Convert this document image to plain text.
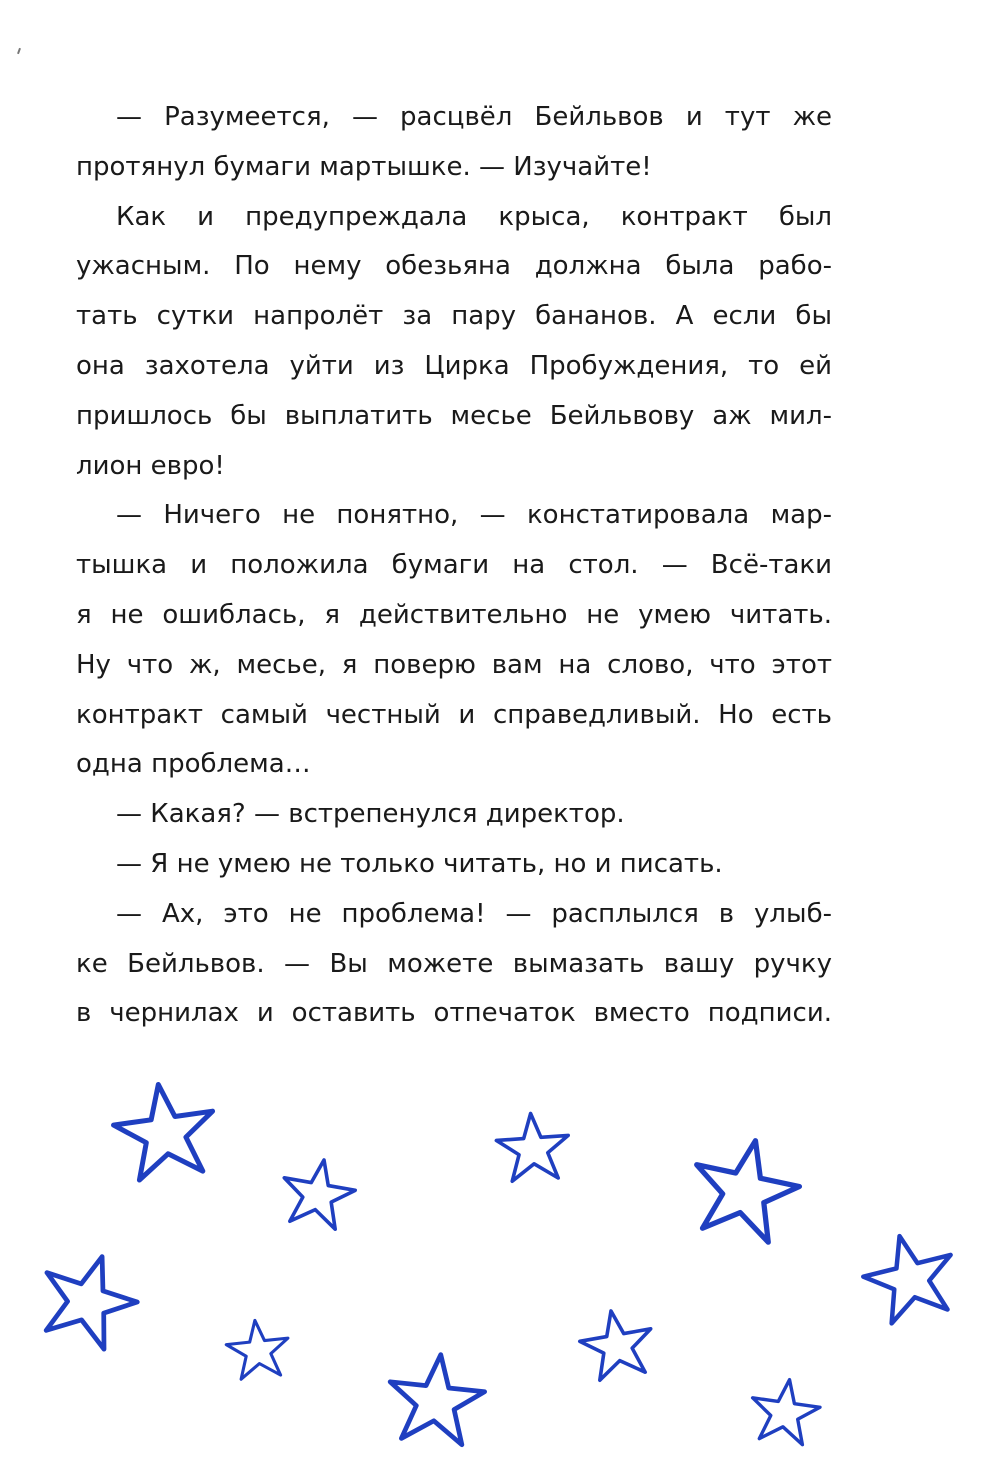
— Разумеется, — расцвёл Бейльвов и тут же
протянул бумаги мартышке. — Изучайте!
Как и предупреждала крыса, контракт был
ужасным. По нему обезьяна должна была рабо-
тать сутки напролёт за пару бананов. А если бы
она захотела уйти из Цирка Пробуждения, то ей
пришлось бы выплатить месье Бейльвову аж мил-
лион евро!
— Ничего не понятно, — констатировала мар-
тышка и положила бумаги на стол. — Всё-таки
я не ошиблась, я действительно не умею читать.
Ну что ж, месье, я поверю вам на слово, что этот
контракт самый честный и справедливый. Но есть
одна проблема…
— Какая? — встрепенулся директор.
— Я не умею не только читать, но и писать.
— Ах, это не проблема! — расплылся в улыб-
ке Бейльвов. — Вы можете вымазать вашу ручку
в чернилах и оставить отпечаток вместо подписи.
